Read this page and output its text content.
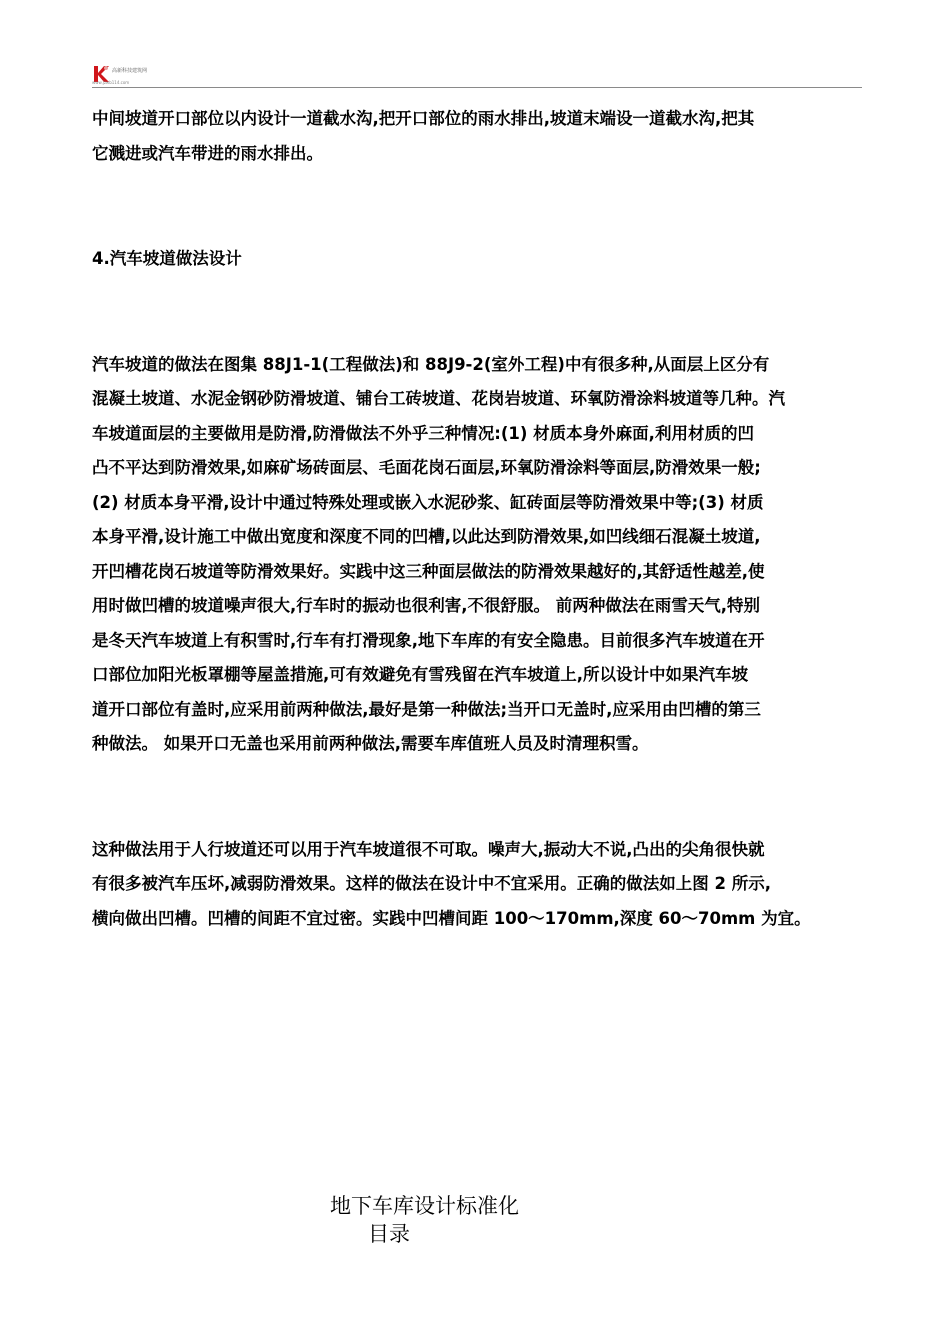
高新科技建筑网
www.jzwb114.com
中间坡道开口部位以内设计一道截水沟,把开口部位的雨水排出,坡道末端设一道截水沟,把其
它溅进或汽车带进的雨水排出。
4.汽车坡道做法设计
汽车坡道的做法在图集 88J1-1(工程做法)和 88J9-2(室外工程)中有很多种,从面层上区分有
混凝土坡道、水泥金钢砂防滑坡道、铺台工砖坡道、花岗岩坡道、环氧防滑涂料坡道等几种。汽
车坡道面层的主要做用是防滑,防滑做法不外乎三种情况:(1) 材质本身外麻面,利用材质的凹
凸不平达到防滑效果,如麻矿场砖面层、毛面花岗石面层,环氧防滑涂料等面层,防滑效果一般;
(2) 材质本身平滑,设计中通过特殊处理或嵌入水泥砂浆、缸砖面层等防滑效果中等;(3) 材质
本身平滑,设计施工中做出宽度和深度不同的凹槽,以此达到防滑效果,如凹线细石混凝土坡道,
开凹槽花岗石坡道等防滑效果好。实践中这三种面层做法的防滑效果越好的,其舒适性越差,使
用时做凹槽的坡道噪声很大,行车时的振动也很利害,不很舒服。 前两种做法在雨雪天气,特别
是冬天汽车坡道上有积雪时,行车有打滑现象,地下车库的有安全隐患。目前很多汽车坡道在开
口部位加阳光板罩棚等屋盖措施,可有效避免有雪残留在汽车坡道上,所以设计中如果汽车坡
道开口部位有盖时,应采用前两种做法,最好是第一种做法;当开口无盖时,应采用由凹槽的第三
种做法。 如果开口无盖也采用前两种做法,需要车库值班人员及时清理积雪。
这种做法用于人行坡道还可以用于汽车坡道很不可取。噪声大,振动大不说,凸出的尖角很快就
有很多被汽车压坏,减弱防滑效果。这样的做法在设计中不宜采用。正确的做法如上图 2 所示,
横向做出凹槽。凹槽的间距不宜过密。实践中凹槽间距 100～170mm,深度 60～70mm 为宜。
地下车库设计标准化
目录
